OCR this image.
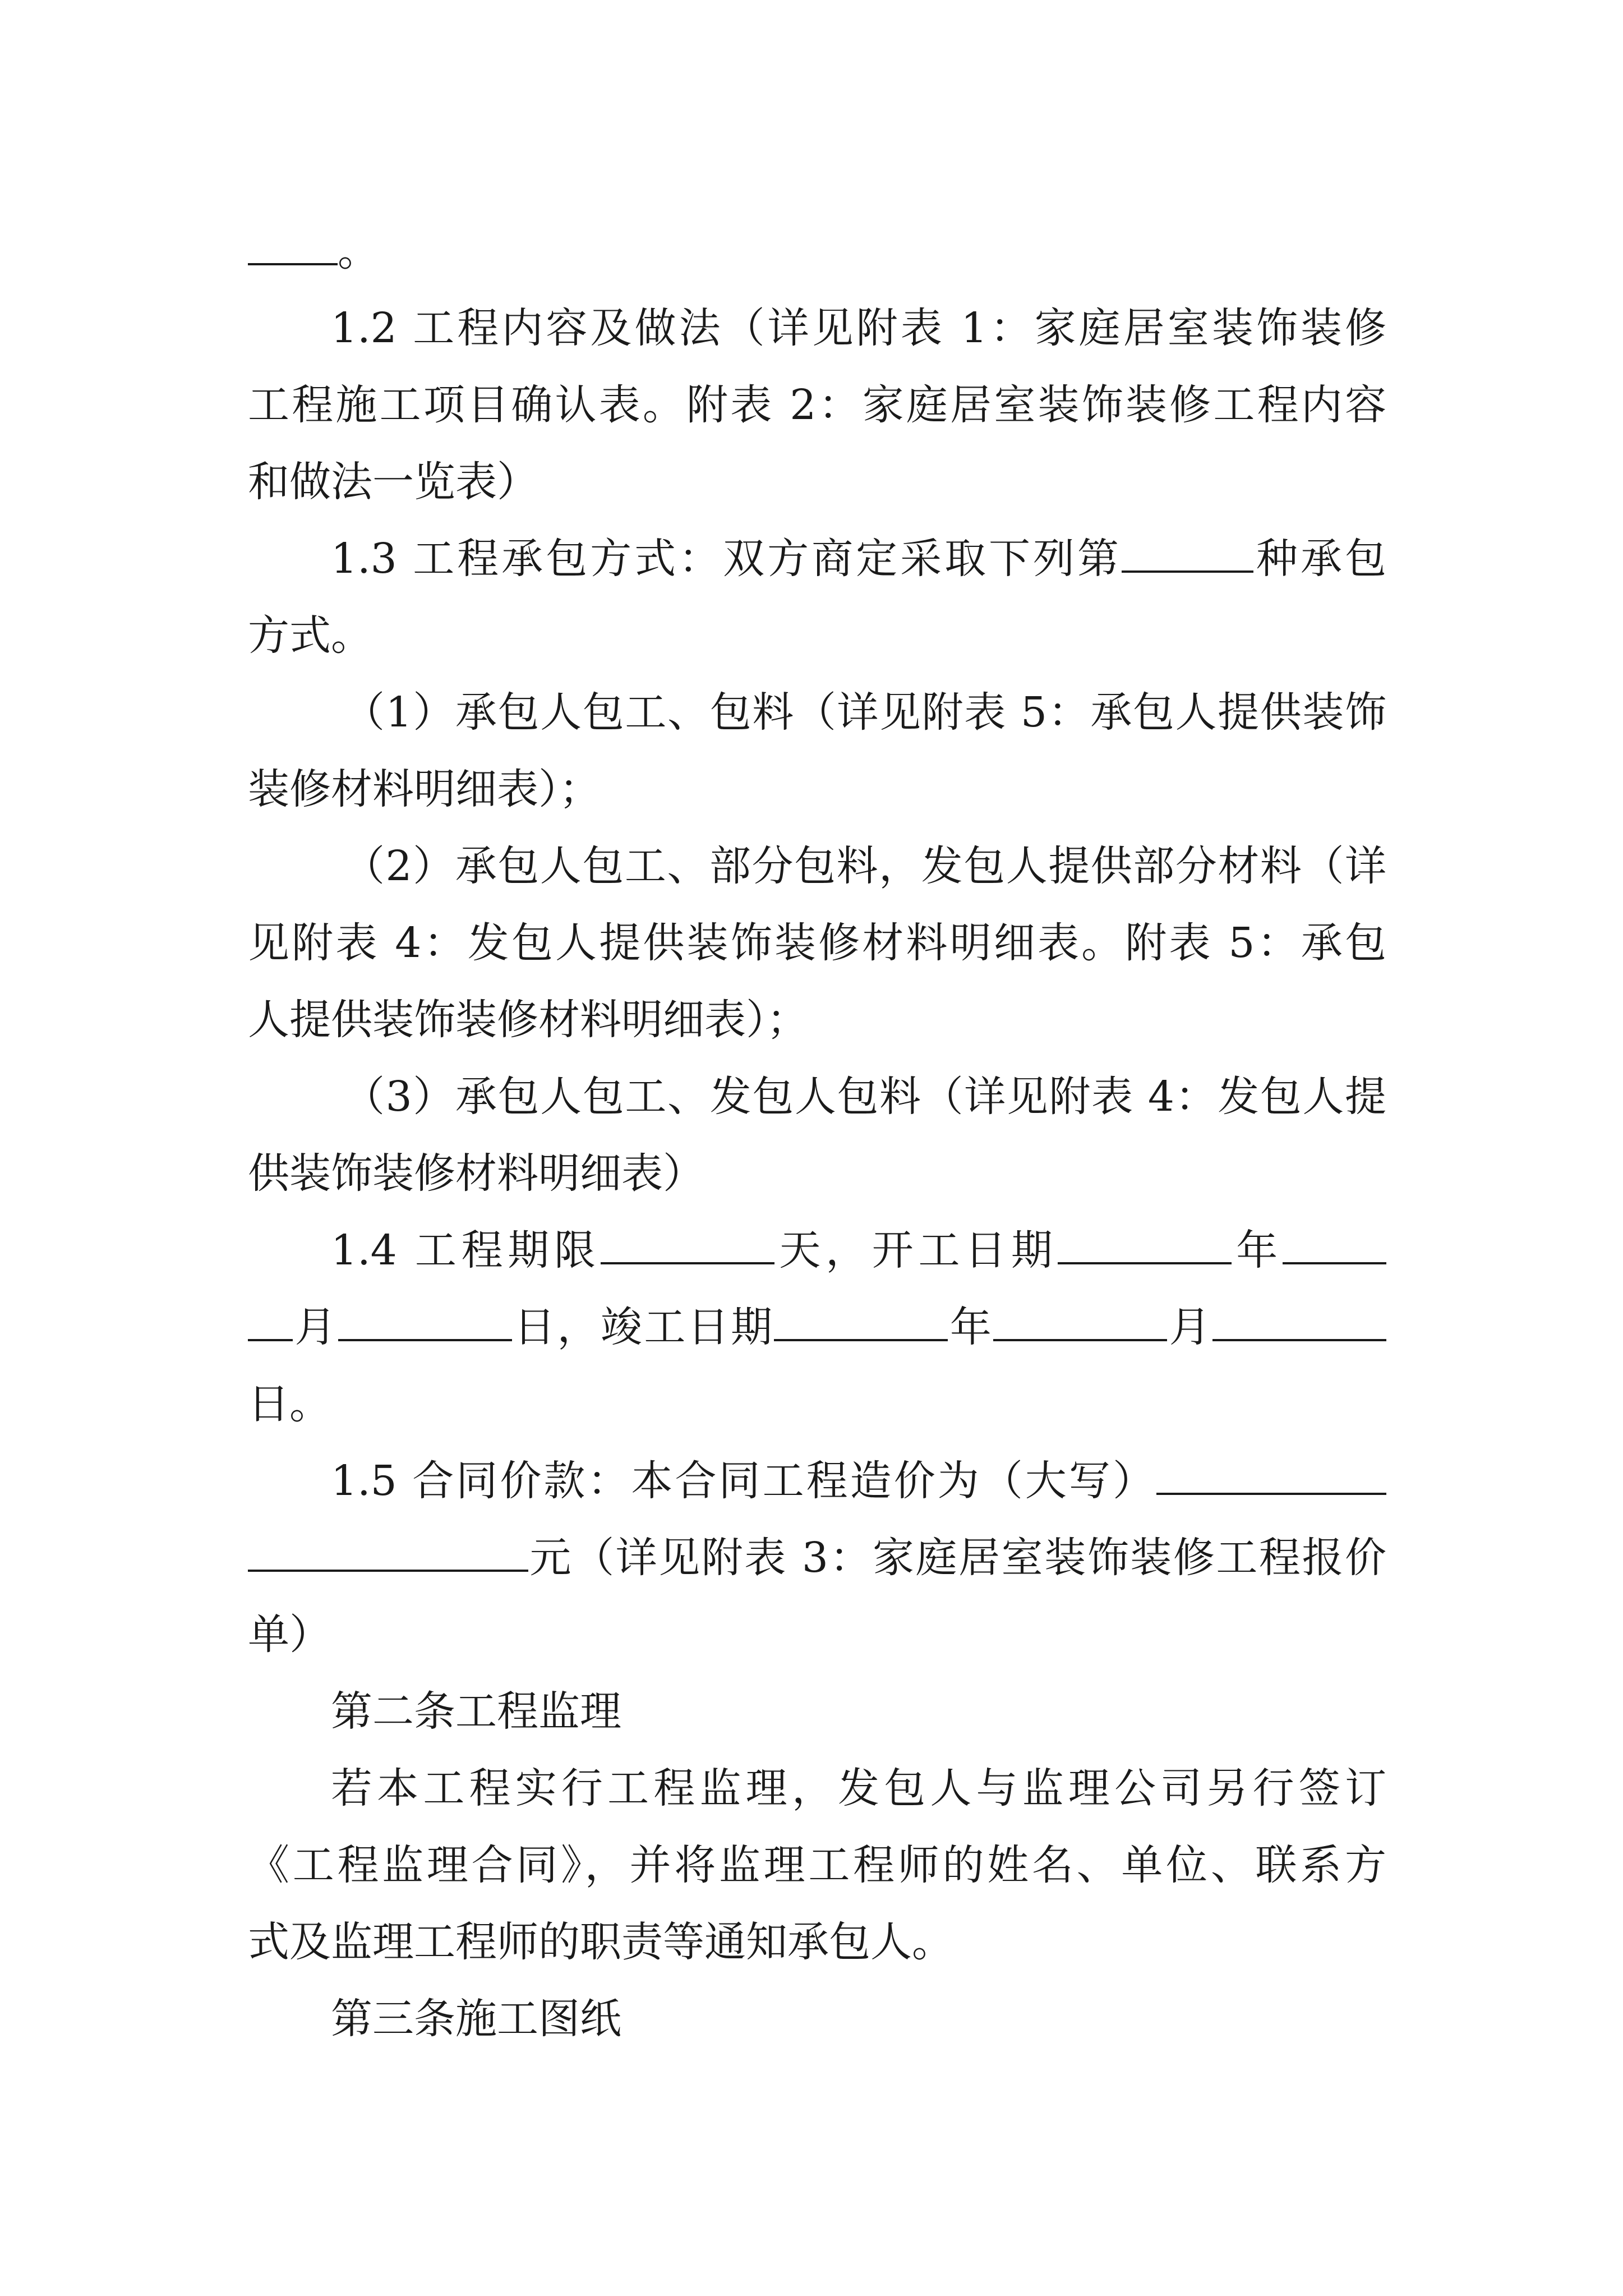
。
1.2 工程内容及做法（详见附表 1：家庭居室装饰装修
工程施工项目确认表。附表 2：家庭居室装饰装修工程内容
和做法一览表）
1.3 工程承包方式：双方商定采取下列第	种承包
方式。
（1）承包人包工、包料（详见附表 5：承包人提供装饰
装修材料明细表）；
（2）承包人包工、部分包料，发包人提供部分材料（详
见附表 4：发包人提供装饰装修材料明细表。附表 5：承包
人提供装饰装修材料明细表）；
（3）承包人包工、发包人包料（详见附表 4：发包人提
供装饰装修材料明细表）
1.4 工程期限	天，开工日期	年
月	日，竣工日期	年	月
日。
1.5 合同价款：本合同工程造价为（大写）
元（详见附表 3：家庭居室装饰装修工程报价
单）
第二条工程监理
若本工程实行工程监理，发包人与监理公司另行签订
《工程监理合同》，并将监理工程师的姓名、单位、联系方
式及监理工程师的职责等通知承包人。
第三条施工图纸
